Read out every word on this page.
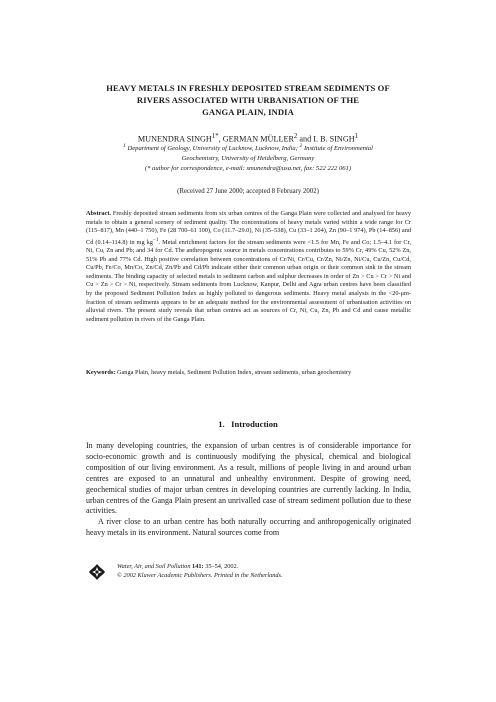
HEAVY METALS IN FRESHLY DEPOSITED STREAM SEDIMENTS OF
RIVERS ASSOCIATED WITH URBANISATION OF THE
GANGA PLAIN, INDIA
MUNENDRA $SINGH^{1*}$, GERMAN MÜLLER$^2$ and I. B. SINGH$^1$
$^1$ Department of Geology, University of Lucknow, Lucknow, India; $^2$ Institute of Environmental
Geochemistry, University of Heidelberg, Germany
(* author for correspondence, e-mail: smunendra@usa.net, fax: 522 222 061)
(Received 27 June 2000; accepted 8 February 2002)
Abstract. Freshly deposited stream sediments from six urban centres of the Ganga Plain were collected and analysed for heavy metals to obtain a general scenery of sediment quality. The concentrations of heavy metals varied within a wide range for Cr (115–817), Mn (440–1 750), Fe (28 700–61 100), Co (11.7–29.0), Ni (35–538), Cu (33–1 204), Zn (90–1 974), Pb (14–856) and Cd (0.14–114.8) in mg $kg^{-1}$. Metal enrichment factors for the stream sediments were <1.5 for Mn, Fe and Co; 1.5–4.1 for Cr, Ni, Cu, Zn and Pb; and 34 for Cd. The anthropogenic source in metals concentrations contributes to 59% Cr, 49% Cu, 52% Zn, 51% Pb and 77% Cd. High positive correlation between concentrations of Cr/Ni, Cr/Cu, Cr/Zn, Ni/Zn, Ni/Cu, Cu/Zn, Cu/Cd, Cu/Pb, Fe/Co, Mn/Co, Zn/Cd, Zn/Pb and Cd/Pb indicate either their common urban origin or their common sink in the stream sediments. The binding capacity of selected metals to sediment carbon and sulphur decreases in order of Zn > Cu > Cr > Ni and Cu > Zn > Cr > Ni, respectively. Stream sediments from Lucknow, Kanpur, Delhi and Agra urban centres have been classified by the proposed Sediment Pollution Index as highly polluted to dangerous sediments. Heavy metal analysis in the <20-μm-fraction of stream sediments appears to be an adequate method for the environmental assessment of urbanisation activities on alluvial rivers. The present study reveals that urban centres act as sources of Cr, Ni, Cu, Zn, Pb and Cd and cause metallic sediment pollution in rivers of the Ganga Plain.
Keywords: Ganga Plain, heavy metals, Sediment Pollution Index, stream sediments, urban geochemistry
1. Introduction

In many developing countries, the expansion of urban centres is of considerable importance for socio-economic growth and is continuously modifying the physical, chemical and biological composition of our living environment. As a result, millions of people living in and around urban centres are exposed to an unnatural and unhealthy environment. Despite of growing need, geochemical studies of major urban centres in developing countries are currently lacking. In India, urban centres of the Ganga Plain present an unrivalled case of stream sediment pollution due to these activities.

A river close to an urban centre has both naturally occurring and anthropogenically originated heavy metals in its environment. Natural sources come from

Water, Air, and Soil Pollution 141: 35–54, 2002.
© 2002 Kluwer Academic Publishers. Printed in the Netherlands.
